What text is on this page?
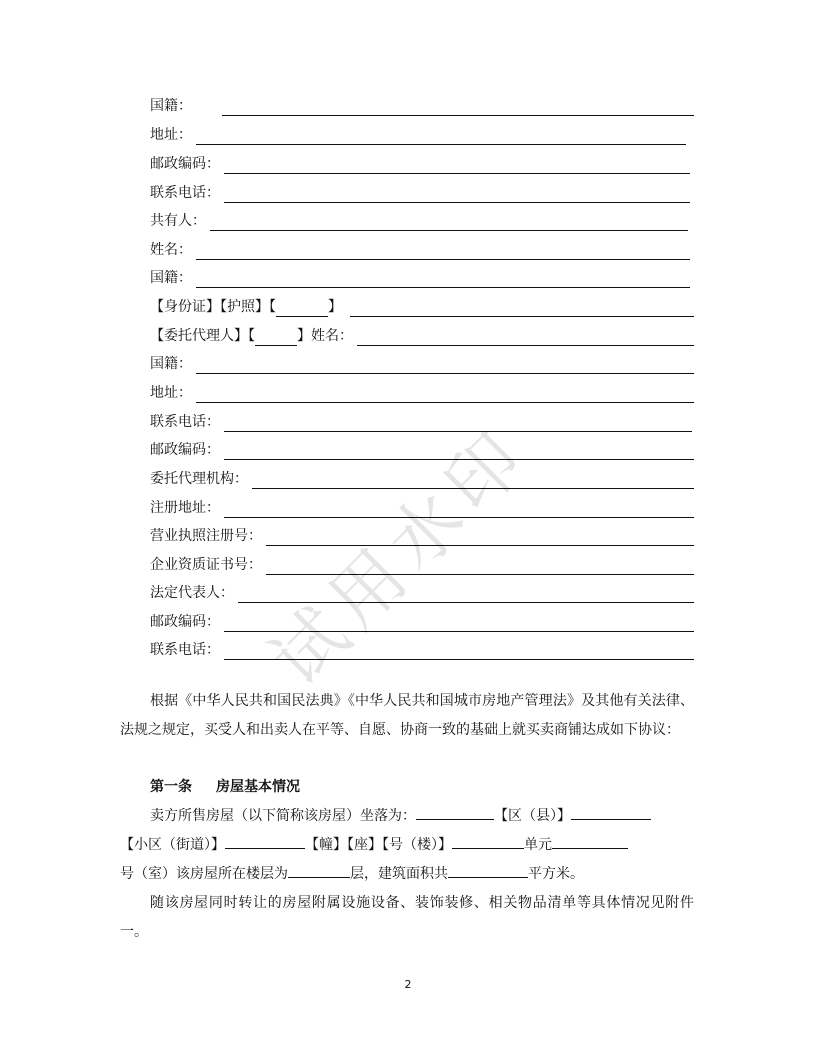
国籍：
地址：
邮政编码：
联系电话：
共有人：
姓名：
国籍：
【身份证】【护照】【	】
【委托代理人】【	】姓名：
国籍：
地址：
联系电话：
邮政编码：
委托代理机构：
注册地址：
营业执照注册号：
企业资质证书号：
法定代表人：
邮政编码：
联系电话：
根据《中华人民共和国民法典》《中华人民共和国城市房地产管理法》及其他有关法律、法规之规定，买受人和出卖人在平等、自愿、协商一致的基础上就买卖商铺达成如下协议：
第一条 房屋基本情况
卖方所售房屋（以下简称该房屋）坐落为：	【区（县）】
【小区（街道）】	【幢】【座】【号（楼）】	单元
号（室）该房屋所在楼层为	层，建筑面积共	平方米。
随该房屋同时转让的房屋附属设施设备、装饰装修、相关物品清单等具体情况见附件一。
试用水印
2
